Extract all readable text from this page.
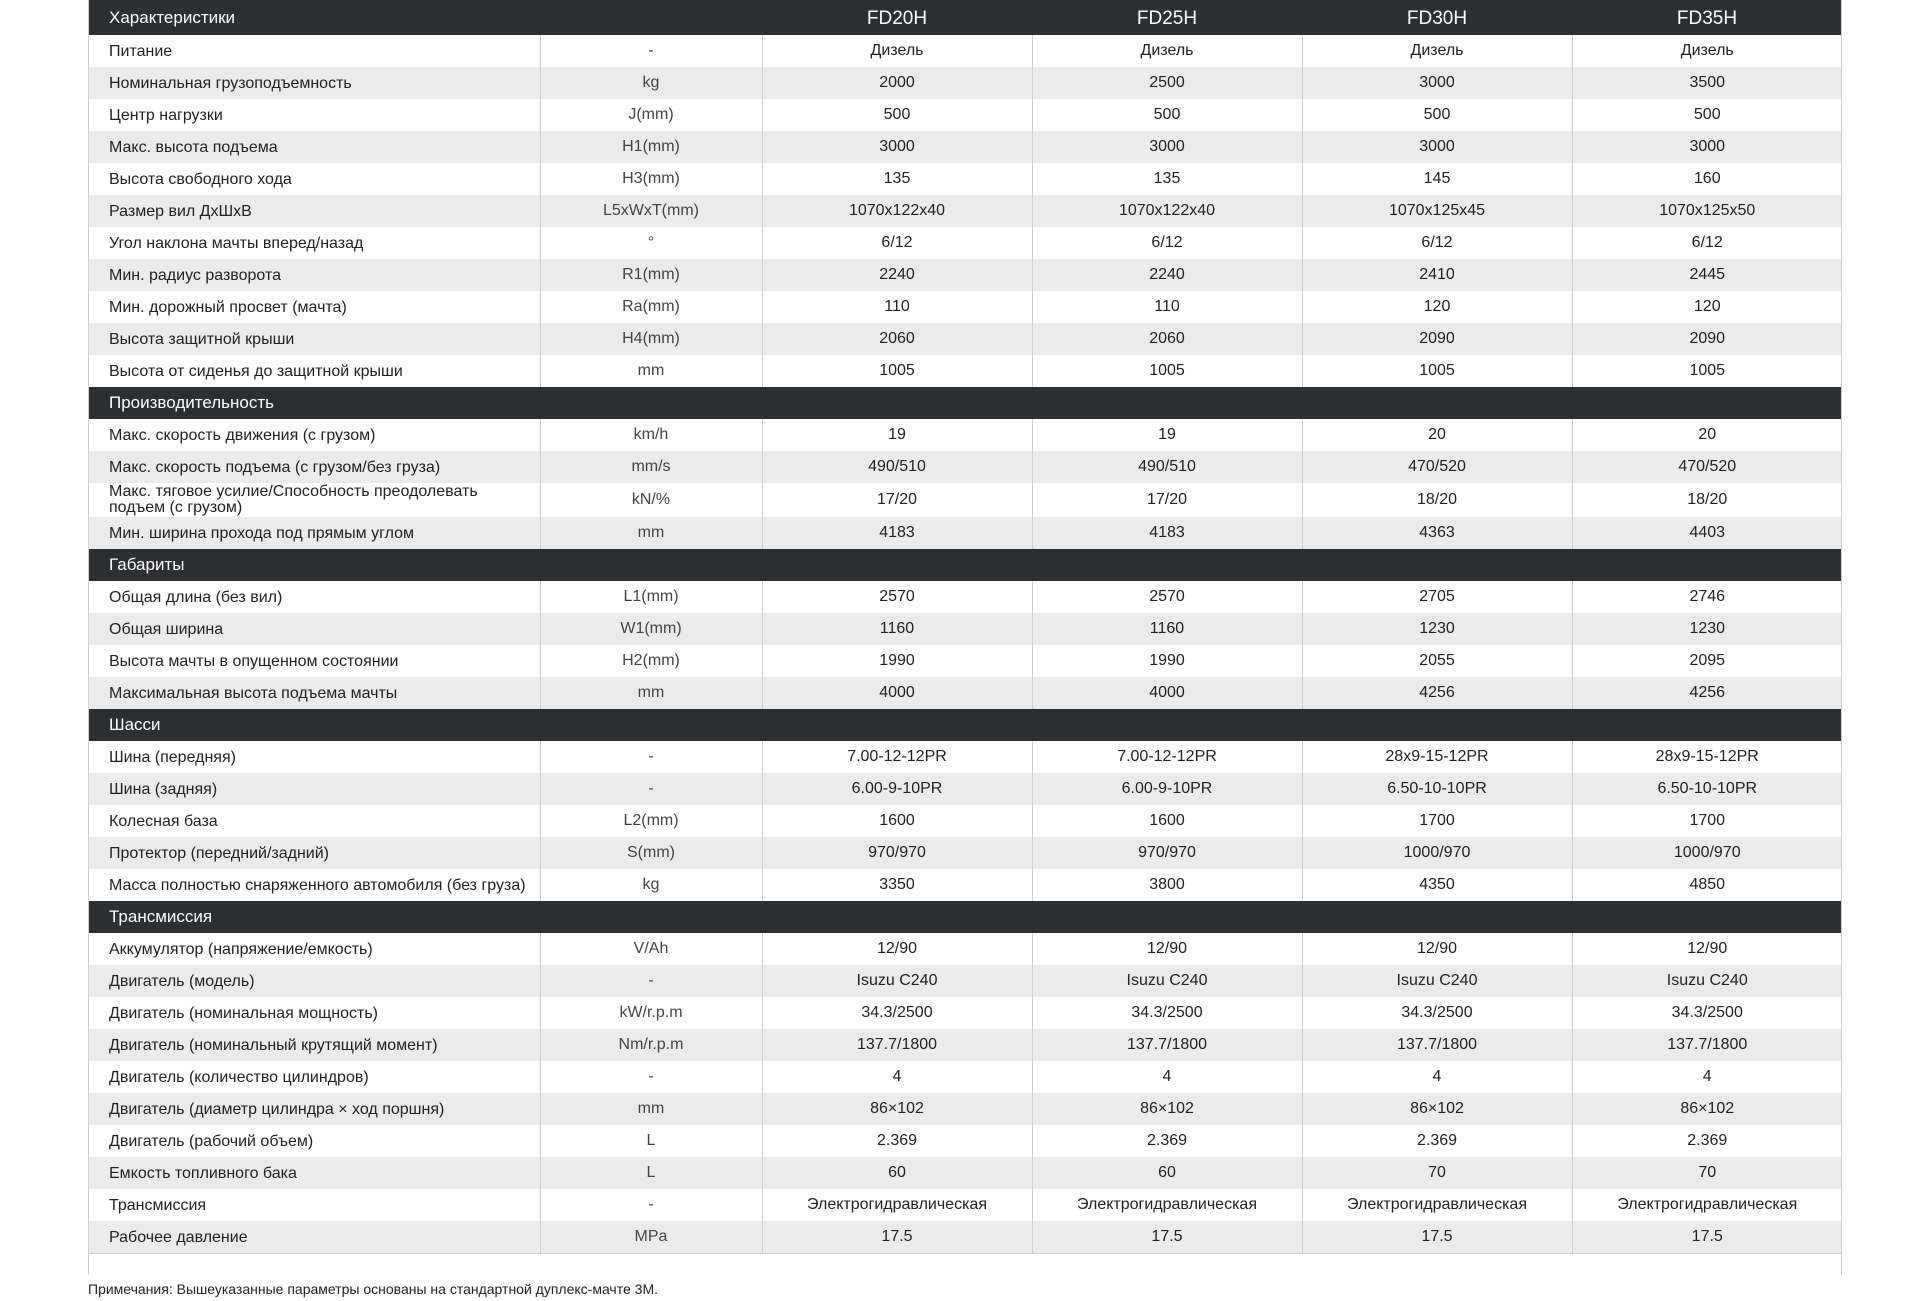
Характеристики		FD20H	FD25H	FD30H	FD35H
Питание	-	Дизель	Дизель	Дизель	Дизель
Номинальная грузоподъемность	kg	2000	2500	3000	3500
Центр нагрузки	J(mm)	500	500	500	500
Макс. высота подъема	H1(mm)	3000	3000	3000	3000
Высота свободного хода	H3(mm)	135	135	145	160
Размер вил ДхШхВ	L5xWxT(mm)	1070x122x40	1070x122x40	1070x125x45	1070x125x50
Угол наклона мачты вперед/назад	°	6/12	6/12	6/12	6/12
Мин. радиус разворота	R1(mm)	2240	2240	2410	2445
Мин. дорожный просвет (мачта)	Ra(mm)	110	110	120	120
Высота защитной крыши	H4(mm)	2060	2060	2090	2090
Высота от сиденья до защитной крыши	mm	1005	1005	1005	1005
Производительность					
Макс. скорость движения (с грузом)	km/h	19	19	20	20
Макс. скорость подъема (с грузом/без груза)	mm/s	490/510	490/510	470/520	470/520
Макс. тяговое усилие/Способность преодолевать подъем (с грузом)	kN/%	17/20	17/20	18/20	18/20
Мин. ширина прохода под прямым углом	mm	4183	4183	4363	4403
Габариты					
Общая длина (без вил)	L1(mm)	2570	2570	2705	2746
Общая ширина	W1(mm)	1160	1160	1230	1230
Высота мачты в опущенном состоянии	H2(mm)	1990	1990	2055	2095
Максимальная высота подъема мачты	mm	4000	4000	4256	4256
Шасси					
Шина (передняя)	-	7.00-12-12PR	7.00-12-12PR	28x9-15-12PR	28x9-15-12PR
Шина (задняя)	-	6.00-9-10PR	6.00-9-10PR	6.50-10-10PR	6.50-10-10PR
Колесная база	L2(mm)	1600	1600	1700	1700
Протектор (передний/задний)	S(mm)	970/970	970/970	1000/970	1000/970
Масса полностью снаряженного автомобиля (без груза)	kg	3350	3800	4350	4850
Трансмиссия					
Аккумулятор (напряжение/емкость)	V/Ah	12/90	12/90	12/90	12/90
Двигатель (модель)	-	Isuzu C240	Isuzu C240	Isuzu C240	Isuzu C240
Двигатель (номинальная мощность)	kW/r.p.m	34.3/2500	34.3/2500	34.3/2500	34.3/2500
Двигатель (номинальный крутящий момент)	Nm/r.p.m	137.7/1800	137.7/1800	137.7/1800	137.7/1800
Двигатель (количество цилиндров)	-	4	4	4	4
Двигатель (диаметр цилиндра × ход поршня)	mm	86×102	86×102	86×102	86×102
Двигатель (рабочий объем)	L	2.369	2.369	2.369	2.369
Емкость топливного бака	L	60	60	70	70
Трансмиссия	-	Электрогидравлическая	Электрогидравлическая	Электрогидравлическая	Электрогидравлическая
Рабочее давление	MPa	17.5	17.5	17.5	17.5
Примечания: Вышеуказанные параметры основаны на стандартной дуплекс-мачте 3M.
